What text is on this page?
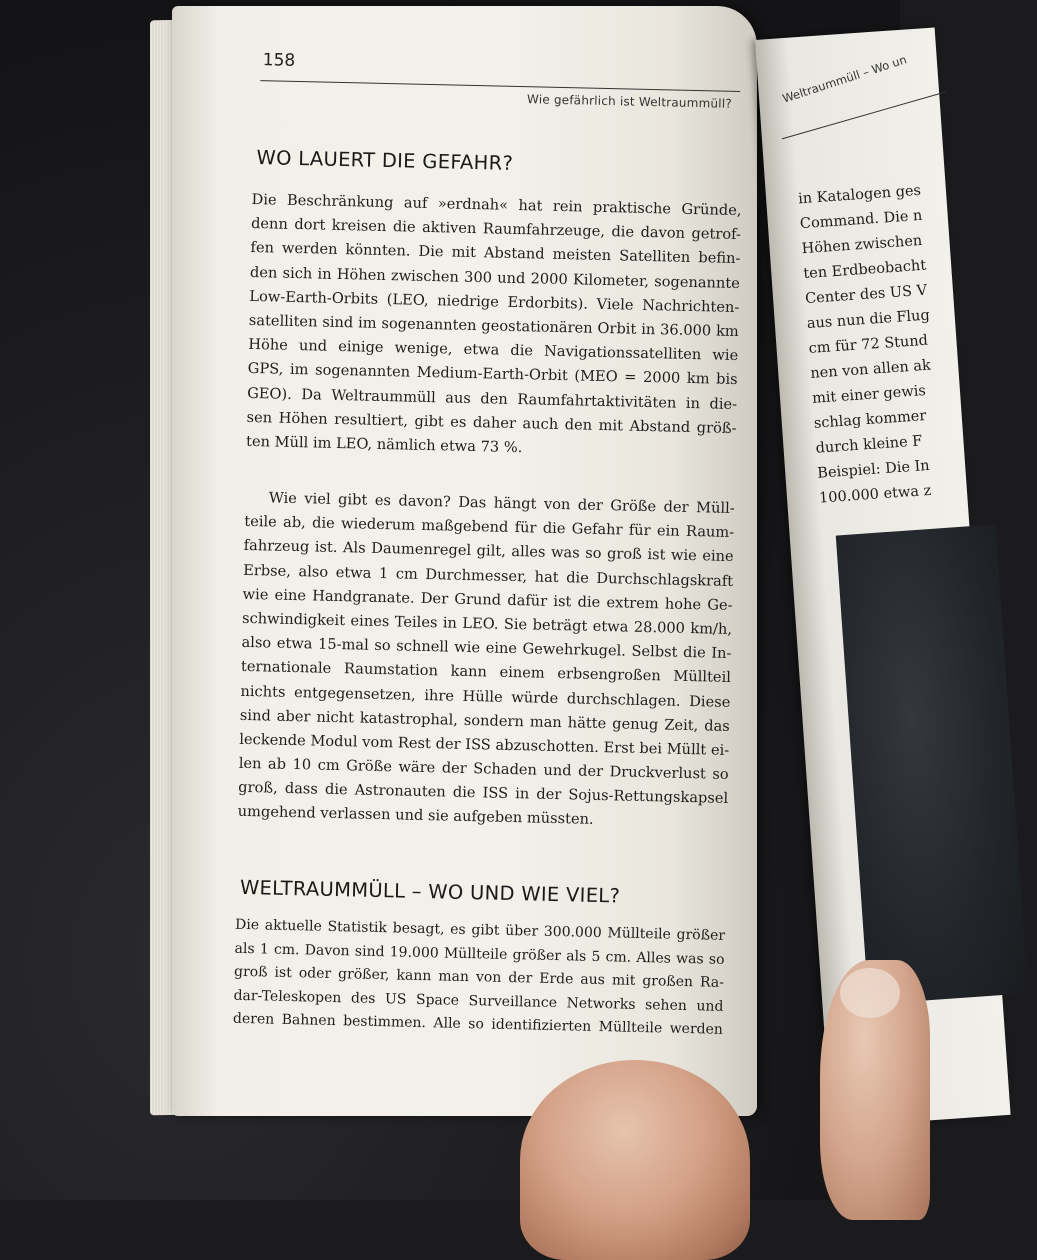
158
Wie gefährlich ist Weltraummüll?
WO LAUERT DIE GEFAHR?
Die Beschränkung auf »erdnah« hat rein praktische Gründe,
denn dort kreisen die aktiven Raumfahrzeuge, die davon getrof-
fen werden könnten. Die mit Abstand meisten Satelliten befin-
den sich in Höhen zwischen 300 und 2000 Kilometer, sogenannte
Low-Earth-Orbits (LEO, niedrige Erdorbits). Viele Nachrichten-
satelliten sind im sogenannten geostationären Orbit in 36.000 km
Höhe und einige wenige, etwa die Navigationssatelliten wie
GPS, im sogenannten Medium-Earth-Orbit (MEO = 2000 km bis
GEO). Da Weltraummüll aus den Raumfahrtaktivitäten in die-
sen Höhen resultiert, gibt es daher auch den mit Abstand größ-
ten Müll im LEO, nämlich etwa 73 %.
Wie viel gibt es davon? Das hängt von der Größe der Müll-
teile ab, die wiederum maßgebend für die Gefahr für ein Raum-
fahrzeug ist. Als Daumenregel gilt, alles was so groß ist wie eine
Erbse, also etwa 1 cm Durchmesser, hat die Durchschlagskraft
wie eine Handgranate. Der Grund dafür ist die extrem hohe Ge-
schwindigkeit eines Teiles in LEO. Sie beträgt etwa 28.000 km/h,
also etwa 15-mal so schnell wie eine Gewehrkugel. Selbst die In-
ternationale Raumstation kann einem erbsengroßen Müllteil
nichts entgegensetzen, ihre Hülle würde durchschlagen. Diese
sind aber nicht katastrophal, sondern man hätte genug Zeit, das
leckende Modul vom Rest der ISS abzuschotten. Erst bei Müllt ei-
len ab 10 cm Größe wäre der Schaden und der Druckverlust so
groß, dass die Astronauten die ISS in der Sojus-Rettungskapsel
umgehend verlassen und sie aufgeben müssten.
WELTRAUMMÜLL – WO UND WIE VIEL?
Die aktuelle Statistik besagt, es gibt über 300.000 Müllteile größer
als 1 cm. Davon sind 19.000 Müllteile größer als 5 cm. Alles was so
groß ist oder größer, kann man von der Erde aus mit großen Ra-
dar-Teleskopen des US Space Surveillance Networks sehen und
deren Bahnen bestimmen. Alle so identifizierten Müllteile werden
Weltraummüll – Wo un
in Katalogen ges
Command. Die n
Höhen zwischen
ten Erdbeobacht
Center des US V
aus nun die Flug
cm für 72 Stund
nen von allen ak
mit einer gewis
schlag kommer
durch kleine F
Beispiel: Die In
100.000 etwa z
